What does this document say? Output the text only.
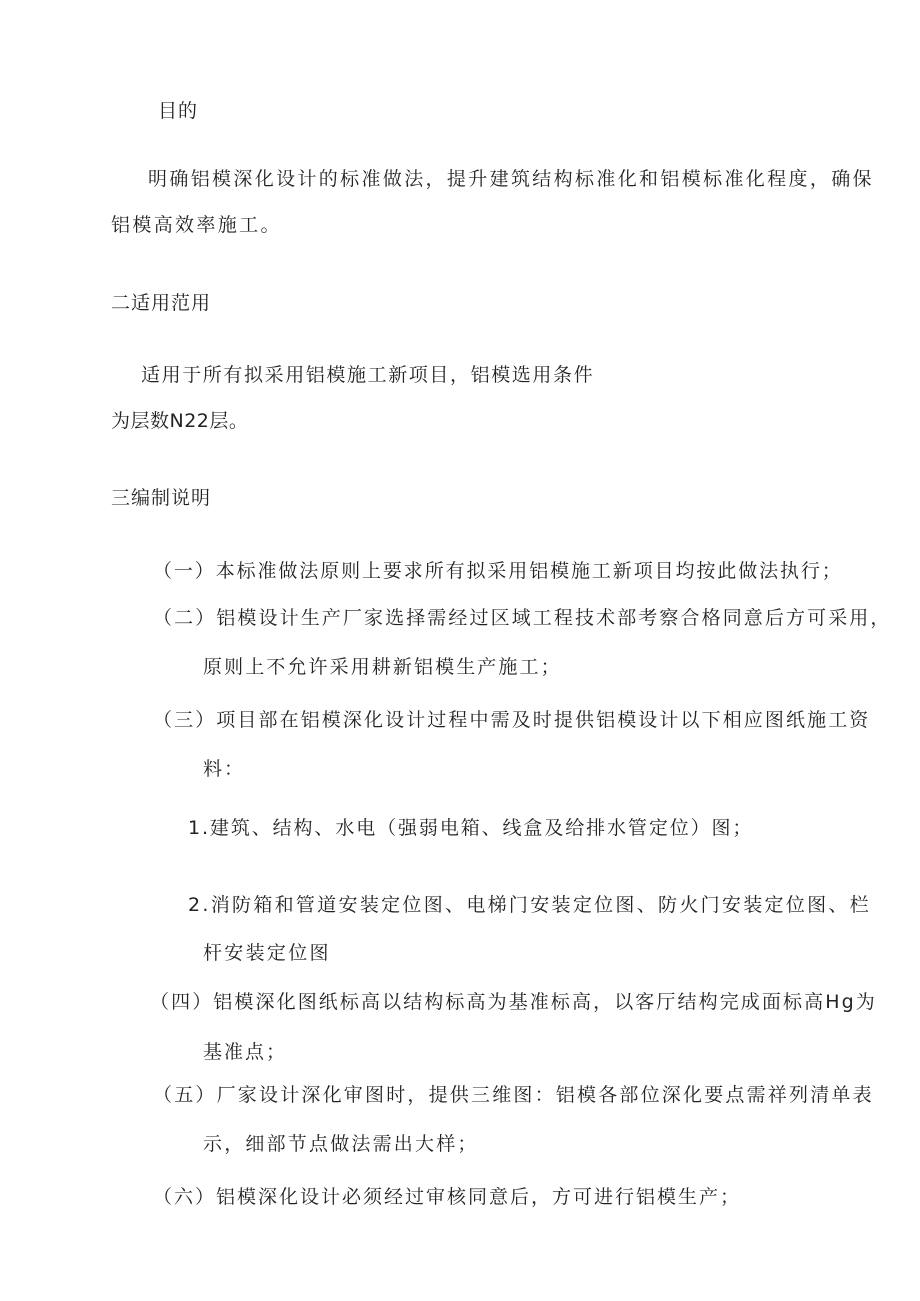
目的
明确铝模深化设计的标准做法，提升建筑结构标准化和铝模标准化程度，确保
铝模高效率施工。
二适用范用
适用于所有拟采用铝模施工新项目，铝模选用条件
为层数N22层。
三编制说明
（一）本标准做法原则上要求所有拟采用铝模施工新项目均按此做法执行；
（二）铝模设计生产厂家选择需经过区域工程技术部考察合格同意后方可采用，
原则上不允许采用耕新铝模生产施工；
（三）项目部在铝模深化设计过程中需及时提供铝模设计以下相应图纸施工资
料：
1.建筑、结构、水电（强弱电箱、线盒及给排水管定位）图；
2.消防箱和管道安装定位图、电梯门安装定位图、防火门安装定位图、栏
杆安装定位图
（四）铝模深化图纸标高以结构标高为基准标高，以客厅结构完成面标高Hg为
基准点；
（五）厂家设计深化审图时，提供三维图：铝模各部位深化要点需祥列清单表
示，细部节点做法需出大样；
（六）铝模深化设计必须经过审核同意后，方可进行铝模生产；
